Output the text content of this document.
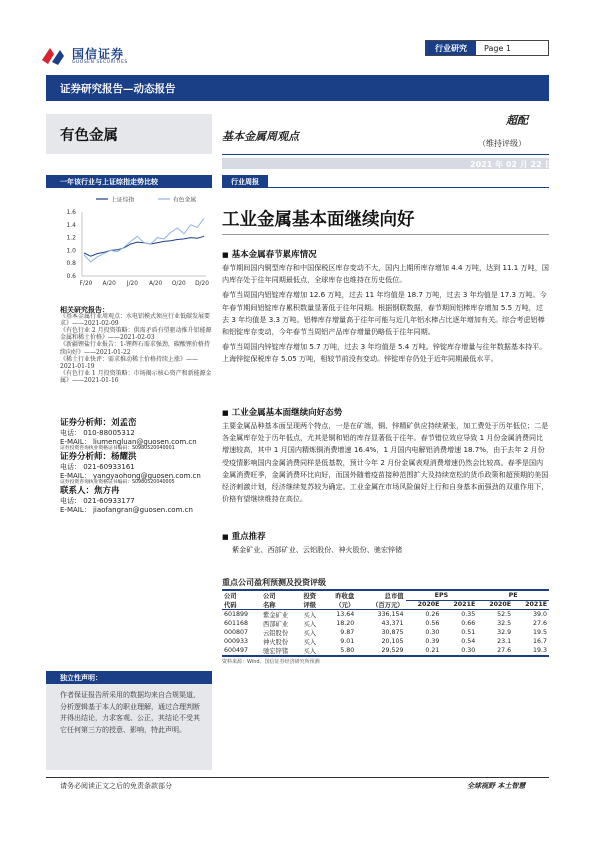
国信证券
GUOSEN SECURITIES
行业研究	Page 1
证券研究报告—动态报告
有色金属	基本金属周观点
超配
（维持评级）
2021 年 02 月 22 日
一年该行业与上证综指走势比较
上证综指	有色金属
1.6
1.4
1.2
1.0
0.8
0.6
F/20 A/20 J/20 A/20 O/20 D/20
相关研究报告：
《基本金属行业周观点：水电铝模式须应行业低碳发展要求》——2021-02-09
《有色行业 2 月投资策略：供需矛盾有望驱动推升铝能源金属和稀土价格》——2021-02-03
《新疆锂盐行业报告：1-锂辉石需求强劲，碳酸锂价格持续向好》——2021-01-22
《稀土行业快评：需求推动稀土价格持续上涨》——2021-01-19
《有色行业 1 月投资策略：市场揭示核心资产和新能源金属》——2021-01-16
证券分析师：刘孟峦
电话： 010-88005312
E-MAIL： liumengluan@guosen.com.cn
证券投资咨询执业资格证书编码：S0980520040001
证券分析师：杨耀洪
电话： 021-60933161
E-MAIL： yangyaohong@guosen.com.cn
证券投资咨询执业资格证书编码：S0980520040005
联系人：焦方冉
电话： 021-60933177
E-MAIL： jiaofangran@guosen.com.cn
行业周报
工业金属基本面继续向好
■ 基本金属春节累库情况

春节期间国内铜型库存和中国保税区库存变动不大，国内上期所库存增加 4.4 万吨，达到 11.1 万吨，国内库存处于往年同期最低点，全球库存也维持在历史低位。

春节当周国内铝锭库存增加 12.6 万吨，过去 11 年均值是 18.7 万吨，过去 3 年均值是 17.3 万吨。今年春节期间铝锭库存累积数量显著低于往年同期。根据钢联数据，春节期间铝棒库存增加 5.5 万吨，过去 3 年均值是 3.3 万吨。铝棒库存增量高于往年可能与近几年铝水棒占比逐年增加有关。综合考虑铝棒和铝锭库存变动，今年春节当周铝产品库存增量仍略低于往年同期。

春节当周国内锌锭库存增加 5.7 万吨，过去 3 年均值是 5.4 万吨。锌锭库存增量与往年数据基本持平。上海锌锭保税库存 5.05 万吨，相较节前没有变动。锌锭库存仍处于近年同期最低水平。

■ 工业金属基本面继续向好态势

主要金属品种基本面呈现两个特点，一是在矿端，铜、锌精矿供应持续紧张，加工费处于历年低位；二是各金属库存处于历年低点，尤其是铜和铝的库存显著低于往年。春节错位效应导致 1 月份金属消费同比增速较高，其中 1 月国内精炼铜消费增速 16.4%，1 月国内电解铝消费增速 18.7%，由于去年 2 月份受疫情影响国内金属消费同样是低基数，预计今年 2 月份金属表观消费增速仍然会比较高。春季是国内金属消费旺季，金属消费环比向好，而国外随着疫苗接种范围扩大及持续宽松的货币政策和超预期的美国经济刺激计划，经济继续复苏较为确定。工业金属在市场风险偏好上行和自身基本面强劲的双重作用下，价格有望继续维持在高位。

■ 重点推荐

紫金矿业、西部矿业、云铝股份、神火股份、驰宏锌锗

重点公司盈利预测及投资评级
公司	公司	投资	昨收盘	总市值	EPS		PE	
代码	名称	评级	（元）	（百万元）	2020E	2021E	2020E	2021E
601899	紫金矿业	买入	13.64	336,154	0.26	0.35	52.5	39.0
601168	西部矿业	买入	18.20	43,371	0.56	0.66	32.5	27.6
000807	云铝股份	买入	9.87	30,875	0.30	0.51	32.9	19.5
000933	神火股份	买入	9.01	20,105	0.39	0.54	23.1	16.7
600497	驰宏锌锗	买入	5.80	29,529	0.21	0.30	27.6	19.3
资料来源：Wind、国信证券经济研究所预测
独立性声明：
作者保证报告所采用的数据均来自合规渠道，分析逻辑基于本人的职业理解，通过合理判断并得出结论，力求客观、公正，其结论不受其它任何第三方的授意、影响，特此声明。
请务必阅读正文之后的免责条款部分	全球视野 本土智慧
